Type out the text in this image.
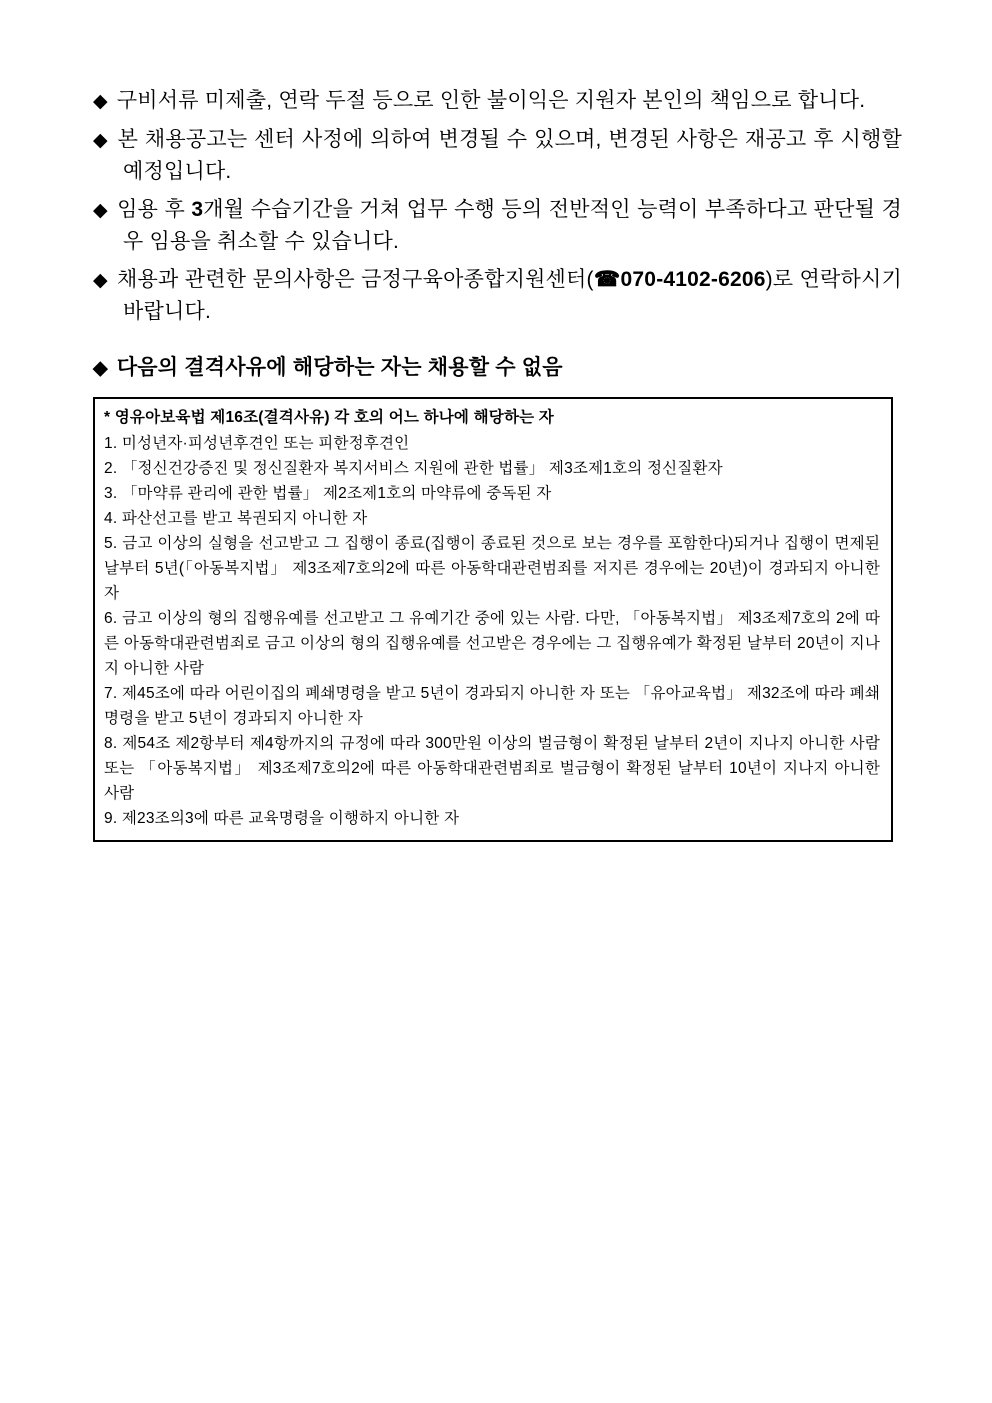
◆ 구비서류 미제출, 연락 두절 등으로 인한 불이익은 지원자 본인의 책임으로 합니다.

◆ 본 채용공고는 센터 사정에 의하여 변경될 수 있으며, 변경된 사항은 재공고 후 시행할 예정입니다.

◆ 임용 후 3개월 수습기간을 거쳐 업무 수행 등의 전반적인 능력이 부족하다고 판단될 경우 임용을 취소할 수 있습니다.

◆ 채용과 관련한 문의사항은 금정구육아종합지원센터(☎070-4102-6206)로 연락하시기 바랍니다.

◆ 다음의 결격사유에 해당하는 자는 채용할 수 없음

* 영유아보육법 제16조(결격사유) 각 호의 어느 하나에 해당하는 자

1. 미성년자·피성년후견인 또는 피한정후견인

2. 「정신건강증진 및 정신질환자 복지서비스 지원에 관한 법률」 제3조제1호의 정신질환자

3. 「마약류 관리에 관한 법률」 제2조제1호의 마약류에 중독된 자

4. 파산선고를 받고 복권되지 아니한 자

5. 금고 이상의 실형을 선고받고 그 집행이 종료(집행이 종료된 것으로 보는 경우를 포함한다)되거나 집행이 면제된 날부터 5년(「아동복지법」 제3조제7호의2에 따른 아동학대관련범죄를 저지른 경우에는 20년)이 경과되지 아니한 자

6. 금고 이상의 형의 집행유예를 선고받고 그 유예기간 중에 있는 사람. 다만, 「아동복지법」 제3조제7호의 2에 따른 아동학대관련범죄로 금고 이상의 형의 집행유예를 선고받은 경우에는 그 집행유예가 확정된 날부터 20년이 지나지 아니한 사람

7. 제45조에 따라 어린이집의 폐쇄명령을 받고 5년이 경과되지 아니한 자 또는 「유아교육법」 제32조에 따라 폐쇄명령을 받고 5년이 경과되지 아니한 자

8. 제54조 제2항부터 제4항까지의 규정에 따라 300만원 이상의 벌금형이 확정된 날부터 2년이 지나지 아니한 사람 또는 「아동복지법」 제3조제7호의2에 따른 아동학대관련범죄로 벌금형이 확정된 날부터 10년이 지나지 아니한 사람

9. 제23조의3에 따른 교육명령을 이행하지 아니한 자
